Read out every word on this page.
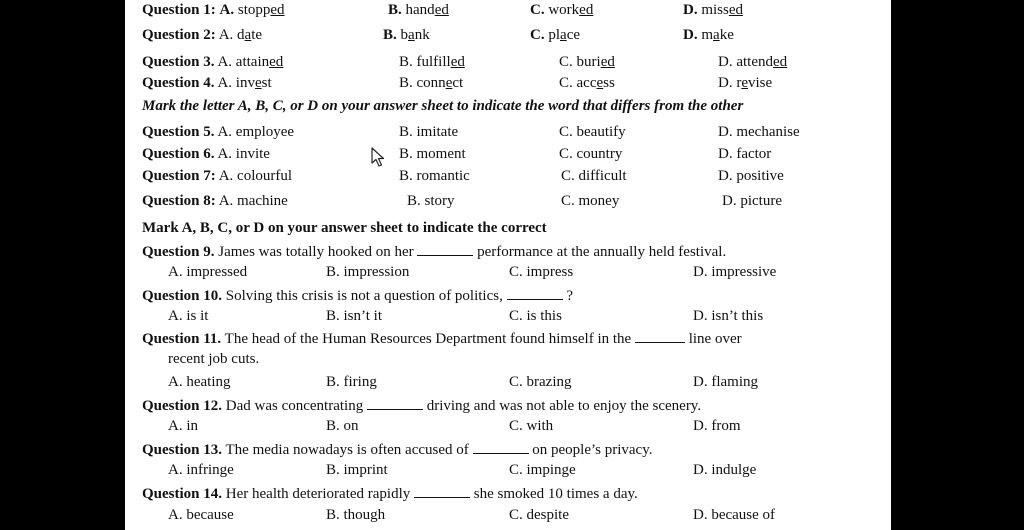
Question 1: A. stopped	B. handed	C. worked	D. missed
Question 2: A. date	B. bank	C. place	D. make
Question 3. A. attained	B. fulfilled	C. buried	D. attended
Question 4. A. invest	B. connect	C. access	D. revise
Mark the letter A, B, C, or D on your answer sheet to indicate the word that differs from the other
Question 5. A. employee	B. imitate	C. beautify	D. mechanise
Question 6. A. invite	B. moment	C. country	D. factor
Question 7: A. colourful	B. romantic	C. difficult	D. positive
Question 8: A. machine	B. story	C. money	D. picture
Mark A, B, C, or D on your answer sheet to indicate the correct
Question 9. James was totally hooked on her	performance at the annually held festival.
A. impressed	B. impression	C. impress	D. impressive
Question 10. Solving this crisis is not a question of politics,	?
A. is it	B. isn’t it	C. is this	D. isn’t this
Question 11. The head of the Human Resources Department found himself in the	line over
recent job cuts.
A. heating	B. firing	C. brazing	D. flaming
Question 12. Dad was concentrating	driving and was not able to enjoy the scenery.
A. in	B. on	C. with	D. from
Question 13. The media nowadays is often accused of	on people’s privacy.
A. infringe	B. imprint	C. impinge	D. indulge
Question 14. Her health deteriorated rapidly	she smoked 10 times a day.
A. because	B. though	C. despite	D. because of
